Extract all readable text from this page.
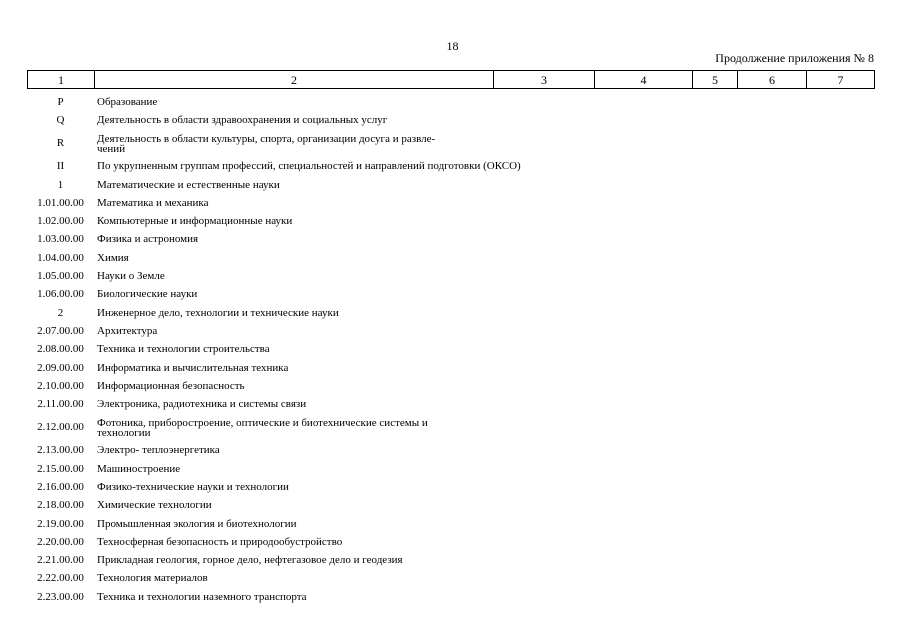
18
Продолжение приложения № 8
1	2	3	4	5	6	7
P	Образование
Q	Деятельность в области здравоохранения и социальных услуг
R	Деятельность в области культуры, спорта, организации досуга и развле-
чений
II	По укрупненным группам профессий, специальностей и направлений подготовки (ОКСО)
1	Математические и естественные науки
1.01.00.00	Математика и механика
1.02.00.00	Компьютерные и информационные науки
1.03.00.00	Физика и астрономия
1.04.00.00	Химия
1.05.00.00	Науки о Земле
1.06.00.00	Биологические науки
2	Инженерное дело, технологии и технические науки
2.07.00.00	Архитектура
2.08.00.00	Техника и технологии строительства
2.09.00.00	Информатика и вычислительная техника
2.10.00.00	Информационная безопасность
2.11.00.00	Электроника, радиотехника и системы связи
2.12.00.00	Фотоника, приборостроение, оптические и биотехнические системы и
технологии
2.13.00.00	Электро- теплоэнергетика
2.15.00.00	Машиностроение
2.16.00.00	Физико-технические науки и технологии
2.18.00.00	Химические технологии
2.19.00.00	Промышленная экология и биотехнологии
2.20.00.00	Техносферная безопасность и природообустройство
2.21.00.00	Прикладная геология, горное дело, нефтегазовое дело и геодезия
2.22.00.00	Технология материалов
2.23.00.00	Техника и технологии наземного транспорта
